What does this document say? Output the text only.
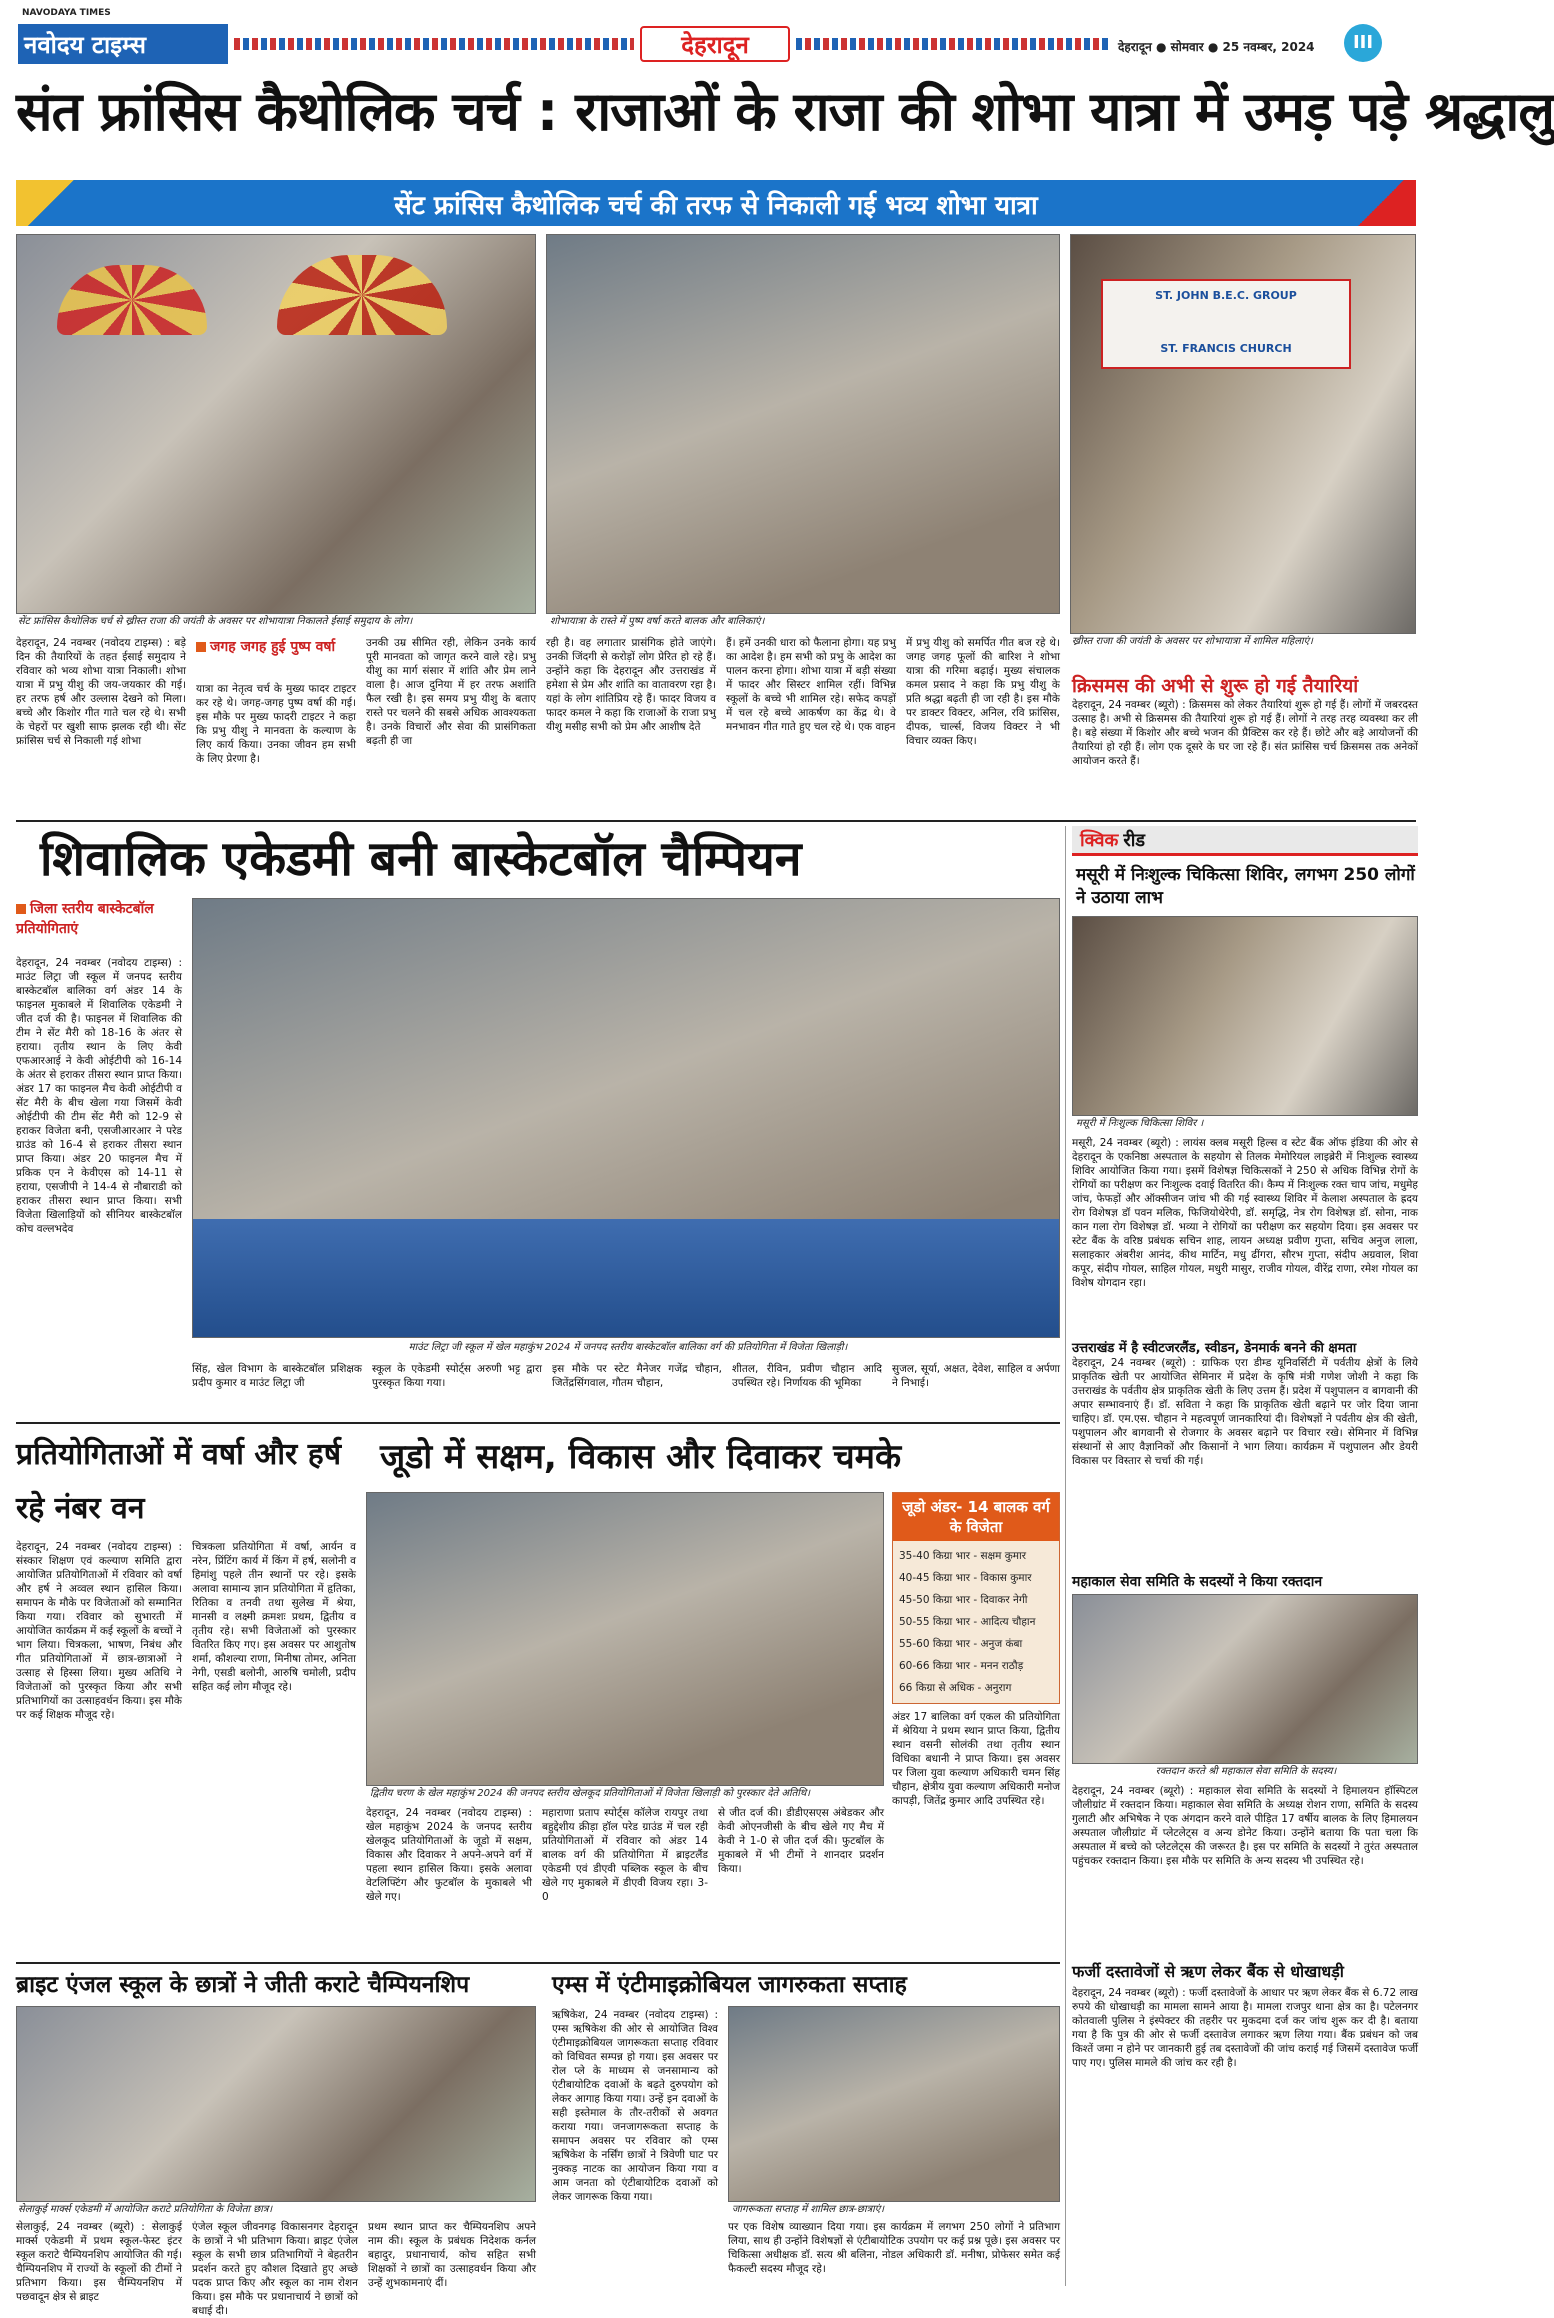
NAVODAYA TIMES
नवोदय टाइम्स	देहरादून	देहरादून ● सोमवार ● 25 नवम्बर, 2024	III
संत फ्रांसिस कैथोलिक चर्च : राजाओं के राजा की शोभा यात्रा में उमड़ पड़े श्रद्धालु
सेंट फ्रांसिस कैथोलिक चर्च की तरफ से निकाली गई भव्य शोभा यात्रा
सेंट फ्रांसिस कैथोलिक चर्च से ख्रीस्त राजा की जयंती के अवसर पर शोभायात्रा निकालते ईसाई समुदाय के लोग।	शोभायात्रा के रास्ते में पुष्प वर्षा करते बालक और बालिकाएं।
ST. JOHN B.E.C. GROUP
ST. FRANCIS CHURCH
ख्रीस्त राजा की जयंती के अवसर पर शोभायात्रा में शामिल महिलाएं।
देहरादून, 24 नवम्बर (नवोदय टाइम्स) : बड़े दिन की तैयारियों के तहत ईसाई समुदाय ने रविवार को भव्य शोभा यात्रा निकाली। शोभा यात्रा में प्रभु यीशु की जय-जयकार की गई। हर तरफ हर्ष और उल्लास देखने को मिला। बच्चे और किशोर गीत गाते चल रहे थे। सभी के चेहरों पर खुशी साफ झलक रही थी। सेंट फ्रांसिस चर्च से निकाली गई शोभा
जगह जगह हुई पुष्प वर्षा
यात्रा का नेतृत्व चर्च के मुख्य फादर टाइटर कर रहे थे। जगह-जगह पुष्प वर्षा की गई। इस मौके पर मुख्य फादरी टाइटर ने कहा कि प्रभु यीशु ने मानवता के कल्याण के लिए कार्य किया। उनका जीवन हम सभी के लिए प्रेरणा है।
उनकी उम्र सीमित रही, लेकिन उनके कार्य पूरी मानवता को जागृत करने वाले रहे। प्रभु यीशु का मार्ग संसार में शांति और प्रेम लाने वाला है। आज दुनिया में हर तरफ अशांति फैल रखी है। इस समय प्रभु यीशु के बताए रास्ते पर चलने की सबसे अधिक आवश्यकता है। उनके विचारों और सेवा की प्रासंगिकता बढ़ती ही जा
रही है। वह लगातार प्रासंगिक होते जाएंगे। उनकी जिंदगी से करोड़ों लोग प्रेरित हो रहे हैं। उन्होंने कहा कि देहरादून और उत्तराखंड में हमेशा से प्रेम और शांति का वातावरण रहा है। यहां के लोग शांतिप्रिय रहे हैं। फादर विजय व फादर कमल ने कहा कि राजाओं के राजा प्रभु यीशु मसीह सभी को प्रेम और आशीष देते
हैं। हमें उनकी धारा को फैलाना होगा। यह प्रभु का आदेश है। हम सभी को प्रभु के आदेश का पालन करना होगा। शोभा यात्रा में बड़ी संख्या में फादर और सिस्टर शामिल रहीं। विभिन्न स्कूलों के बच्चे भी शामिल रहे। सफेद कपड़ों में चल रहे बच्चे आकर्षण का केंद्र थे। वे मनभावन गीत गाते हुए चल रहे थे। एक वाहन
में प्रभु यीशु को समर्पित गीत बज रहे थे। जगह जगह फूलों की बारिश ने शोभा यात्रा की गरिमा बढ़ाई। मुख्य संचालक कमल प्रसाद ने कहा कि प्रभु यीशु के प्रति श्रद्धा बढ़ती ही जा रही है। इस मौके पर डाक्टर विक्टर, अनिल, रवि फ्रांसिस, दीपक, चार्ल्स, विजय विक्टर ने भी विचार व्यक्त किए।
क्रिसमस की अभी से शुरू हो गई तैयारियां
देहरादून, 24 नवम्बर (ब्यूरो) : क्रिसमस को लेकर तैयारियां शुरू हो गई हैं। लोगों में जबरदस्त उत्साह है। अभी से क्रिसमस की तैयारियां शुरू हो गई हैं। लोगों ने तरह तरह व्यवस्था कर ली है। बड़े संख्या में किशोर और बच्चे भजन की प्रैक्टिस कर रहे हैं। छोटे और बड़े आयोजनों की तैयारियां हो रही हैं। लोग एक दूसरे के घर जा रहे हैं। संत फ्रांसिस चर्च क्रिसमस तक अनेकों आयोजन करते हैं।
शिवालिक एकेडमी बनी बास्केटबॉल चैम्पियन
जिला स्तरीय बास्केटबॉल प्रतियोगिताएं
देहरादून, 24 नवम्बर (नवोदय टाइम्स) : माउंट लिट्रा जी स्कूल में जनपद स्तरीय बास्केटबॉल बालिका वर्ग अंडर 14 के फाइनल मुकाबले में शिवालिक एकेडमी ने जीत दर्ज की है। फाइनल में शिवालिक की टीम ने सेंट मैरी को 18-16 के अंतर से हराया। तृतीय स्थान के लिए केवी एफआरआई ने केवी ओईटीपी को 16-14 के अंतर से हराकर तीसरा स्थान प्राप्त किया। अंडर 17 का फाइनल मैच केवी ओईटीपी व सेंट मैरी के बीच खेला गया जिसमें केवी ओईटीपी की टीम सेंट मैरी को 12-9 से हराकर विजेता बनी, एसजीआरआर ने परेड ग्राउंड को 16-4 से हराकर तीसरा स्थान प्राप्त किया। अंडर 20 फाइनल मैच में प्रकिक एन ने केवीएस को 14-11 से हराया, एसजीपी ने 14-4 से नौबाराडी को हराकर तीसरा स्थान प्राप्त किया। सभी विजेता खिलाड़ियों को सीनियर बास्केटबॉल कोच वल्लभदेव
माउंट लिट्रा जी स्कूल में खेल महाकुंभ 2024 में जनपद स्तरीय बास्केटबॉल बालिका वर्ग की प्रतियोगिता में विजेता खिलाड़ी।
सिंह, खेल विभाग के बास्केटबॉल प्रशिक्षक प्रदीप कुमार व माउंट लिट्रा जी
स्कूल के एकेडमी स्पोर्ट्स अरुणी भट्ट द्वारा पुरस्कृत किया गया।
इस मौके पर स्टेट मैनेजर गजेंद्र चौहान, जितेंद्रसिंगवाल, गौतम चौहान,
शीतल, रीविन, प्रवीण चौहान आदि उपस्थित रहे। निर्णायक की भूमिका
सुजल, सूर्या, अक्षत, देवेश, साहिल व अर्पणा ने निभाई।
क्विक रीड
मसूरी में निःशुल्क चिकित्सा शिविर, लगभग 250 लोगों ने उठाया लाभ
मसूरी में निःशुल्क चिकित्सा शिविर ।
मसूरी, 24 नवम्बर (ब्यूरो) : लायंस क्लब मसूरी हिल्स व स्टेट बैंक ऑफ इंडिया की ओर से देहरादून के एकनिष्ठा अस्पताल के सहयोग से तिलक मेमोरियल लाइब्रेरी में निःशुल्क स्वास्थ्य शिविर आयोजित किया गया। इसमें विशेषज्ञ चिकित्सकों ने 250 से अधिक विभिन्न रोगों के रोगियों का परीक्षण कर निःशुल्क दवाई वितरित की। कैम्प में निःशुल्क रक्त चाप जांच, मधुमेह जांच, फेफड़ों और ऑक्सीजन जांच भी की गई स्वास्थ्य शिविर में केलाश अस्पताल के ह्रदय रोग विशेषज्ञ डॉ पवन मलिक, फिजियोथेरेपी, डॉ. समृद्धि, नेत्र रोग विशेषज्ञ डॉ. सोना, नाक कान गला रोग विशेषज्ञ डॉ. भव्या ने रोगियों का परीक्षण कर सहयोग दिया। इस अवसर पर स्टेट बैंक के वरिष्ठ प्रबंधक सचिन शाह, लायन अध्यक्ष प्रवीण गुप्ता, सचिव अनुज लाला, सलाहकार अंबरीश आनंद, कीथ मार्टिन, मधु ढींगरा, सौरभ गुप्ता, संदीप अग्रवाल, शिवा कपूर, संदीप गोयल, साहिल गोयल, मधुरी मासुर, राजीव गोयल, वीरेंद्र राणा, रमेश गोयल का विशेष योगदान रहा।
उत्तराखंड में है स्वीटजरलैंड, स्वीडन, डेनमार्क बनने की क्षमता
देहरादून, 24 नवम्बर (ब्यूरो) : ग्राफिक एरा डीम्ड यूनिवर्सिटी में पर्वतीय क्षेत्रों के लिये प्राकृतिक खेती पर आयोजित सेमिनार में प्रदेश के कृषि मंत्री गणेश जोशी ने कहा कि उत्तराखंड के पर्वतीय क्षेत्र प्राकृतिक खेती के लिए उत्तम हैं। प्रदेश में पशुपालन व बागवानी की अपार सम्भावनाएं हैं। डॉ. सविता ने कहा कि प्राकृतिक खेती बढ़ाने पर जोर दिया जाना चाहिए। डॉ. एम.एस. चौहान ने महत्वपूर्ण जानकारियां दी। विशेषज्ञों ने पर्वतीय क्षेत्र की खेती, पशुपालन और बागवानी से रोजगार के अवसर बढ़ाने पर विचार रखे। सेमिनार में विभिन्न संस्थानों से आए वैज्ञानिकों और किसानों ने भाग लिया। कार्यक्रम में पशुपालन और डेयरी विकास पर विस्तार से चर्चा की गई।
महाकाल सेवा समिति के सदस्यों ने किया रक्तदान
रक्तदान करते श्री महाकाल सेवा समिति के सदस्य।
देहरादून, 24 नवम्बर (ब्यूरो) : महाकाल सेवा समिति के सदस्यों ने हिमालयन हॉस्पिटल जौलीग्रांट में रक्तदान किया। महाकाल सेवा समिति के अध्यक्ष रोशन राणा, समिति के सदस्य गुलाटी और अभिषेक ने एक अंगदान करने वाले पीड़ित 17 वर्षीय बालक के लिए हिमालयन अस्पताल जौलीग्रांट में प्लेटलेट्स व अन्य डोनेट किया। उन्होंने बताया कि पता चला कि अस्पताल में बच्चे को प्लेटलेट्स की जरूरत है। इस पर समिति के सदस्यों ने तुरंत अस्पताल पहुंचकर रक्तदान किया। इस मौके पर समिति के अन्य सदस्य भी उपस्थित रहे।
फर्जी दस्तावेजों से ऋण लेकर बैंक से धोखाधड़ी
देहरादून, 24 नवम्बर (ब्यूरो) : फर्जी दस्तावेजों के आधार पर ऋण लेकर बैंक से 6.72 लाख रुपये की धोखाधड़ी का मामला सामने आया है। मामला राजपुर थाना क्षेत्र का है। पटेलनगर कोतवाली पुलिस ने इंस्पेक्टर की तहरीर पर मुकदमा दर्ज कर जांच शुरू कर दी है। बताया गया है कि पुत्र की ओर से फर्जी दस्तावेज लगाकर ऋण लिया गया। बैंक प्रबंधन को जब किश्तें जमा न होने पर जानकारी हुई तब दस्तावेजों की जांच कराई गई जिसमें दस्तावेज फर्जी पाए गए। पुलिस मामले की जांच कर रही है।
प्रतियोगिताओं में वर्षा और हर्ष रहे नंबर वन
देहरादून, 24 नवम्बर (नवोदय टाइम्स) : संस्कार शिक्षण एवं कल्याण समिति द्वारा आयोजित प्रतियोगिताओं में रविवार को वर्षा और हर्ष ने अव्वल स्थान हासिल किया। समापन के मौके पर विजेताओं को सम्मानित किया गया। रविवार को सुभारती में आयोजित कार्यक्रम में कई स्कूलों के बच्चों ने भाग लिया। चित्रकला, भाषण, निबंध और गीत प्रतियोगिताओं में छात्र-छात्राओं ने उत्साह से हिस्सा लिया। मुख्य अतिथि ने विजेताओं को पुरस्कृत किया और सभी प्रतिभागियों का उत्साहवर्धन किया। इस मौके पर कई शिक्षक मौजूद रहे।
चित्रकला प्रतियोगिता में वर्षा, आर्यन व नरेन, प्रिंटिंग कार्य में किंग में हर्ष, सलोनी व हिमांशु पहले तीन स्थानों पर रहे। इसके अलावा सामान्य ज्ञान प्रतियोगिता में हृतिका, रितिका व तनवी तथा सुलेख में श्रेया, मानसी व लक्ष्मी क्रमशः प्रथम, द्वितीय व तृतीय रहे। सभी विजेताओं को पुरस्कार वितरित किए गए। इस अवसर पर आशुतोष शर्मा, कौशल्या राणा, मिनीषा तोमर, अनिता नेगी, एसडी बलोनी, आरुषि चमोली, प्रदीप सहित कई लोग मौजूद रहे।
जूडो में सक्षम, विकास और दिवाकर चमके
जूडो अंडर- 14 बालक वर्ग के विजेता
35-40 किग्रा भार - सक्षम कुमार
40-45 किग्रा भार - विकास कुमार
45-50 किग्रा भार - दिवाकर नेगी
50-55 किग्रा भार - आदित्य चौहान
55-60 किग्रा भार - अनुज कंबा
60-66 किग्रा भार - मनन राठौड़
66 किग्रा से अधिक - अनुराग
द्वितीय चरण के खेल महाकुंभ 2024 की जनपद स्तरीय खेलकूद प्रतियोगिताओं में विजेता खिलाड़ी को पुरस्कार देते अतिथि।
देहरादून, 24 नवम्बर (नवोदय टाइम्स) : खेल महाकुंभ 2024 के जनपद स्तरीय खेलकूद प्रतियोगिताओं के जूडो में सक्षम, विकास और दिवाकर ने अपने-अपने वर्ग में पहला स्थान हासिल किया। इसके अलावा वेटलिफ्टिंग और फुटबॉल के मुकाबले भी खेले गए।
महाराणा प्रताप स्पोर्ट्स कॉलेज रायपुर तथा बहुद्देशीय क्रीड़ा हॉल परेड ग्राउंड में चल रही प्रतियोगिताओं में रविवार को अंडर 14 बालक वर्ग की प्रतियोगिता में ब्राइटलैंड एकेडमी एवं डीएवी पब्लिक स्कूल के बीच खेले गए मुकाबले में डीएवी विजय रहा। 3-0
से जीत दर्ज की। डीडीएसएस अंबेडकर और केवी ओएनजीसी के बीच खेले गए मैच में केवी ने 1-0 से जीत दर्ज की। फुटबॉल के मुकाबले में भी टीमों ने शानदार प्रदर्शन किया।
अंडर 17 बालिका वर्ग एकल की प्रतियोगिता में श्रेयिया ने प्रथम स्थान प्राप्त किया, द्वितीय स्थान वसनी सोलंकी तथा तृतीय स्थान विधिका बधानी ने प्राप्त किया। इस अवसर पर जिला युवा कल्याण अधिकारी चमन सिंह चौहान, क्षेत्रीय युवा कल्याण अधिकारी मनोज कापड़ी, जितेंद्र कुमार आदि उपस्थित रहे।
ब्राइट एंजल स्कूल के छात्रों ने जीती कराटे चैम्पियनशिप
सेलाकुई मार्क्स एकेडमी में आयोजित कराटे प्रतियोगिता के विजेता छात्र।
सेलाकुई, 24 नवम्बर (ब्यूरो) : सेलाकुई मार्क्स एकेडमी में प्रथम स्कूल-फेस्ट इंटर स्कूल कराटे चैम्पियनशिप आयोजित की गई। चैम्पियनशिप में राज्यों के स्कूलों की टीमों ने प्रतिभाग किया। इस चैम्पियनशिप में पछवादून क्षेत्र से ब्राइट
एंजेल स्कूल जीवनगढ़ विकासनगर देहरादून के छात्रों ने भी प्रतिभाग किया। ब्राइट एंजेल स्कूल के सभी छात्र प्रतिभागियों ने बेहतरीन प्रदर्शन करते हुए कौशल दिखाते हुए अच्छे पदक प्राप्त किए और स्कूल का नाम रोशन किया। इस मौके पर प्रधानाचार्य ने छात्रों को बधाई दी।
प्रथम स्थान प्राप्त कर चैम्पियनशिप अपने नाम की। स्कूल के प्रबंधक निदेशक कर्नल बहादुर, प्रधानाचार्य, कोच सहित सभी शिक्षकों ने छात्रों का उत्साहवर्धन किया और उन्हें शुभकामनाएं दीं।
एम्स में एंटीमाइक्रोबियल जागरुकता सप्ताह
ऋषिकेश, 24 नवम्बर (नवोदय टाइम्स) : एम्स ऋषिकेश की ओर से आयोजित विश्व एंटीमाइक्रोबियल जागरूकता सप्ताह रविवार को विधिवत सम्पन्न हो गया। इस अवसर पर रोल प्ले के माध्यम से जनसामान्य को एंटीबायोटिक दवाओं के बढ़ते दुरुपयोग को लेकर आगाह किया गया। उन्हें इन दवाओं के सही इस्तेमाल के तौर-तरीकों से अवगत कराया गया। जनजागरूकता सप्ताह के समापन अवसर पर रविवार को एम्स ऋषिकेश के नर्सिंग छात्रों ने त्रिवेणी घाट पर नुक्कड़ नाटक का आयोजन किया गया व आम जनता को एंटीबायोटिक दवाओं को लेकर जागरूक किया गया।
जागरूकता सप्ताह में शामिल छात्र-छात्राएं।
पर एक विशेष व्याख्यान दिया गया। इस कार्यक्रम में लगभग 250 लोगों ने प्रतिभाग लिया, साथ ही उन्होंने विशेषज्ञों से एंटीबायोटिक उपयोग पर कई प्रश्न पूछे। इस अवसर पर चिकित्सा अधीक्षक डॉ. सत्य श्री बलिना, नोडल अधिकारी डॉ. मनीषा, प्रोफेसर समेत कई फैकल्टी सदस्य मौजूद रहे।
